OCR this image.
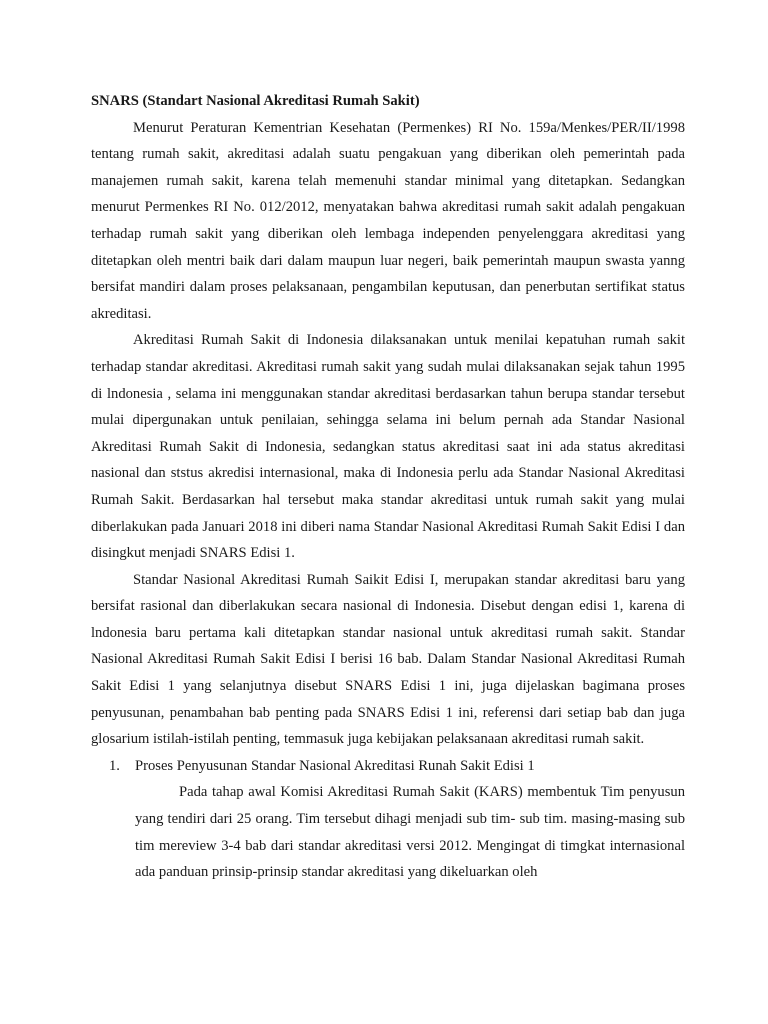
SNARS (Standart Nasional Akreditasi Rumah Sakit)

Menurut Peraturan Kementrian Kesehatan (Permenkes) RI No. 159a/Menkes/PER/II/1998 tentang rumah sakit, akreditasi adalah suatu pengakuan yang diberikan oleh pemerintah pada manajemen rumah sakit, karena telah memenuhi standar minimal yang ditetapkan. Sedangkan menurut Permenkes RI No. 012/2012, menyatakan bahwa akreditasi rumah sakit adalah pengakuan terhadap rumah sakit yang diberikan oleh lembaga independen penyelenggara akreditasi yang ditetapkan oleh mentri baik dari dalam maupun luar negeri, baik pemerintah maupun swasta yanng bersifat mandiri dalam proses pelaksanaan, pengambilan keputusan, dan penerbutan sertifikat status akreditasi.

Akreditasi Rumah Sakit di Indonesia dilaksanakan untuk menilai kepatuhan rumah sakit terhadap standar akreditasi. Akreditasi rumah sakit yang sudah mulai dilaksanakan sejak tahun 1995 di lndonesia , selama ini menggunakan standar akreditasi berdasarkan tahun berupa standar tersebut mulai dipergunakan untuk penilaian, sehingga selama ini belum pernah ada Standar Nasional Akreditasi Rumah Sakit di Indonesia, sedangkan status akreditasi saat ini ada status akreditasi nasional dan ststus akredisi internasional, maka di Indonesia perlu ada Standar Nasional Akreditasi Rumah Sakit. Berdasarkan hal tersebut maka standar akreditasi untuk rumah sakit yang mulai diberlakukan pada Januari 2018 ini diberi nama Standar Nasional Akreditasi Rumah Sakit Edisi I dan disingkut menjadi SNARS Edisi 1.

Standar Nasional Akreditasi Rumah Saikit Edisi I, merupakan standar akreditasi baru yang bersifat rasional dan diberlakukan secara nasional di Indonesia. Disebut dengan edisi 1, karena di lndonesia baru pertama kali ditetapkan standar nasional untuk akreditasi rumah sakit. Standar Nasional Akreditasi Rumah Sakit Edisi I berisi 16 bab. Dalam Standar Nasional Akreditasi Rumah Sakit Edisi 1 yang selanjutnya disebut SNARS Edisi 1 ini, juga dijelaskan bagimana proses penyusunan, penambahan bab penting pada SNARS Edisi 1 ini, referensi dari setiap bab dan juga glosarium istilah-istilah penting, temmasuk juga kebijakan pelaksanaan akreditasi rumah sakit.

1. Proses Penyusunan Standar Nasional Akreditasi Runah Sakit Edisi 1

Pada tahap awal Komisi Akreditasi Rumah Sakit (KARS) membentuk Tim penyusun yang tendiri dari 25 orang. Tim tersebut dihagi menjadi sub tim- sub tim. masing-masing sub tim mereview 3-4 bab dari standar akreditasi versi 2012. Mengingat di timgkat internasional ada panduan prinsip-prinsip standar akreditasi yang dikeluarkan oleh
